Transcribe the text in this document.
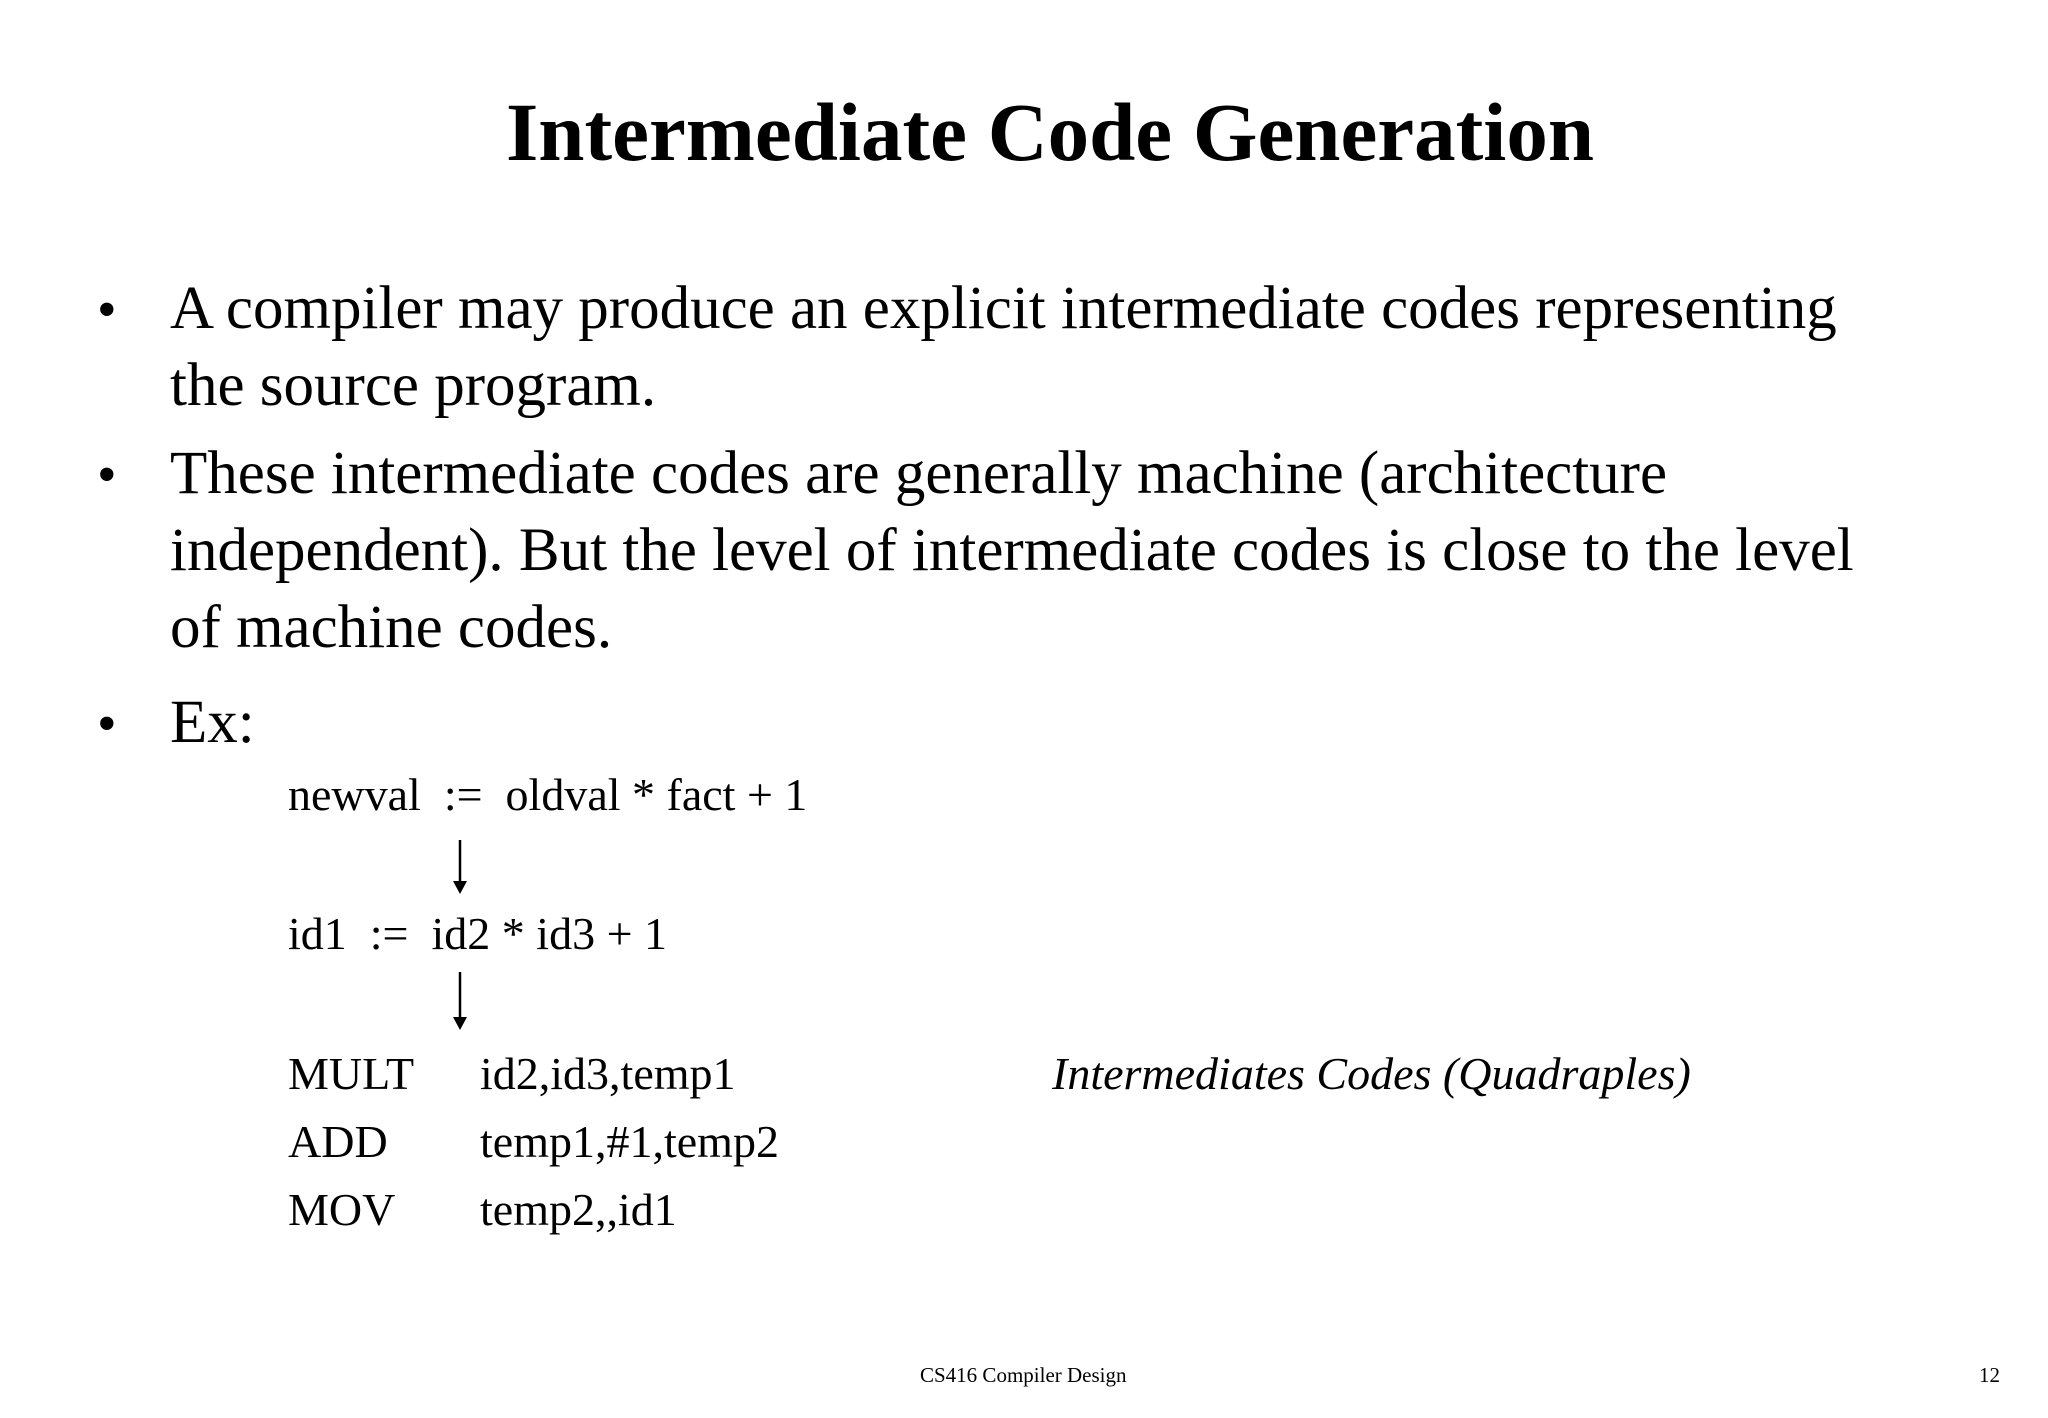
Intermediate Code Generation
• A compiler may produce an explicit intermediate codes representing
the source program.
• These intermediate codes are generally machine (architecture
independent). But the level of intermediate codes is close to the level
of machine codes.
• Ex:
newval  :=  oldval * fact + 1
id1  :=  id2 * id3 + 1
MULT id2,id3,temp1
ADD temp1,#1,temp2
MOV temp2,,id1
Intermediates Codes (Quadraples)
CS416 Compiler Design	12
